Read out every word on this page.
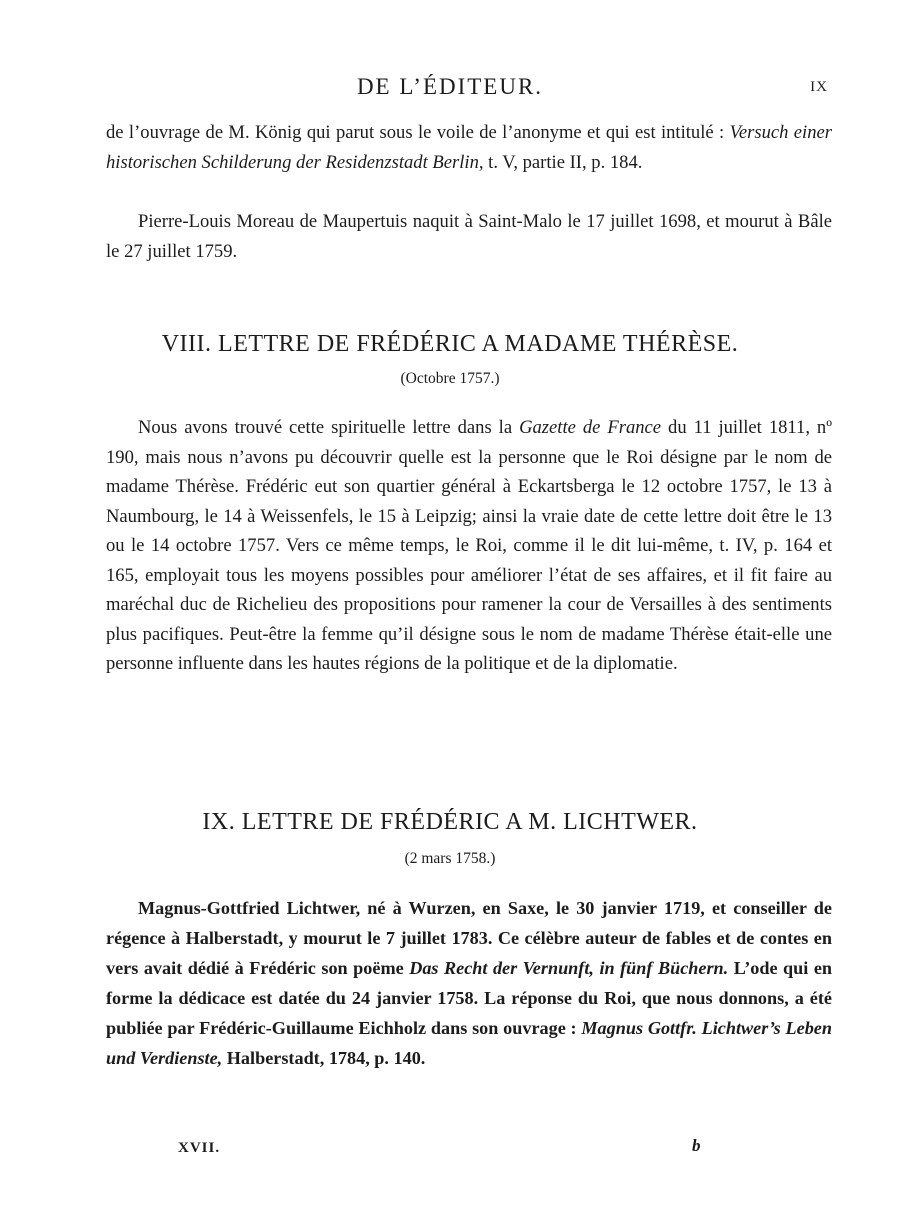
DE L’ÉDITEUR.	IX

de l’ouvrage de M. König qui parut sous le voile de l’anonyme et qui est intitulé : Versuch einer historischen Schilderung der Residenzstadt Berlin, t. V, partie II, p. 184.

Pierre-Louis Moreau de Maupertuis naquit à Saint-Malo le 17 juillet 1698, et mourut à Bâle le 27 juillet 1759.

VIII. LETTRE DE FRÉDÉRIC A MADAME THÉRÈSE.
(Octobre 1757.)

Nous avons trouvé cette spirituelle lettre dans la Gazette de France du 11 juillet 1811, nº 190, mais nous n’avons pu découvrir quelle est la personne que le Roi désigne par le nom de madame Thérèse. Frédéric eut son quartier général à Eckartsberga le 12 octobre 1757, le 13 à Naumbourg, le 14 à Weissenfels, le 15 à Leipzig; ainsi la vraie date de cette lettre doit être le 13 ou le 14 octobre 1757. Vers ce même temps, le Roi, comme il le dit lui-même, t. IV, p. 164 et 165, employait tous les moyens possibles pour améliorer l’état de ses affaires, et il fit faire au maréchal duc de Richelieu des propositions pour ramener la cour de Versailles à des sentiments plus pacifiques. Peut-être la femme qu’il désigne sous le nom de madame Thérèse était-elle une personne influente dans les hautes régions de la politique et de la diplomatie.

IX. LETTRE DE FRÉDÉRIC A M. LICHTWER.
(2 mars 1758.)

Magnus-Gottfried Lichtwer, né à Wurzen, en Saxe, le 30 janvier 1719, et conseiller de régence à Halberstadt, y mourut le 7 juillet 1783. Ce célèbre auteur de fables et de contes en vers avait dédié à Frédéric son poëme Das Recht der Vernunft, in fünf Büchern. L’ode qui en forme la dédicace est datée du 24 janvier 1758. La réponse du Roi, que nous donnons, a été publiée par Frédéric-Guillaume Eichholz dans son ouvrage : Magnus Gottfr. Lichtwer’s Leben und Verdienste, Halberstadt, 1784, p. 140.

XVII.	b
